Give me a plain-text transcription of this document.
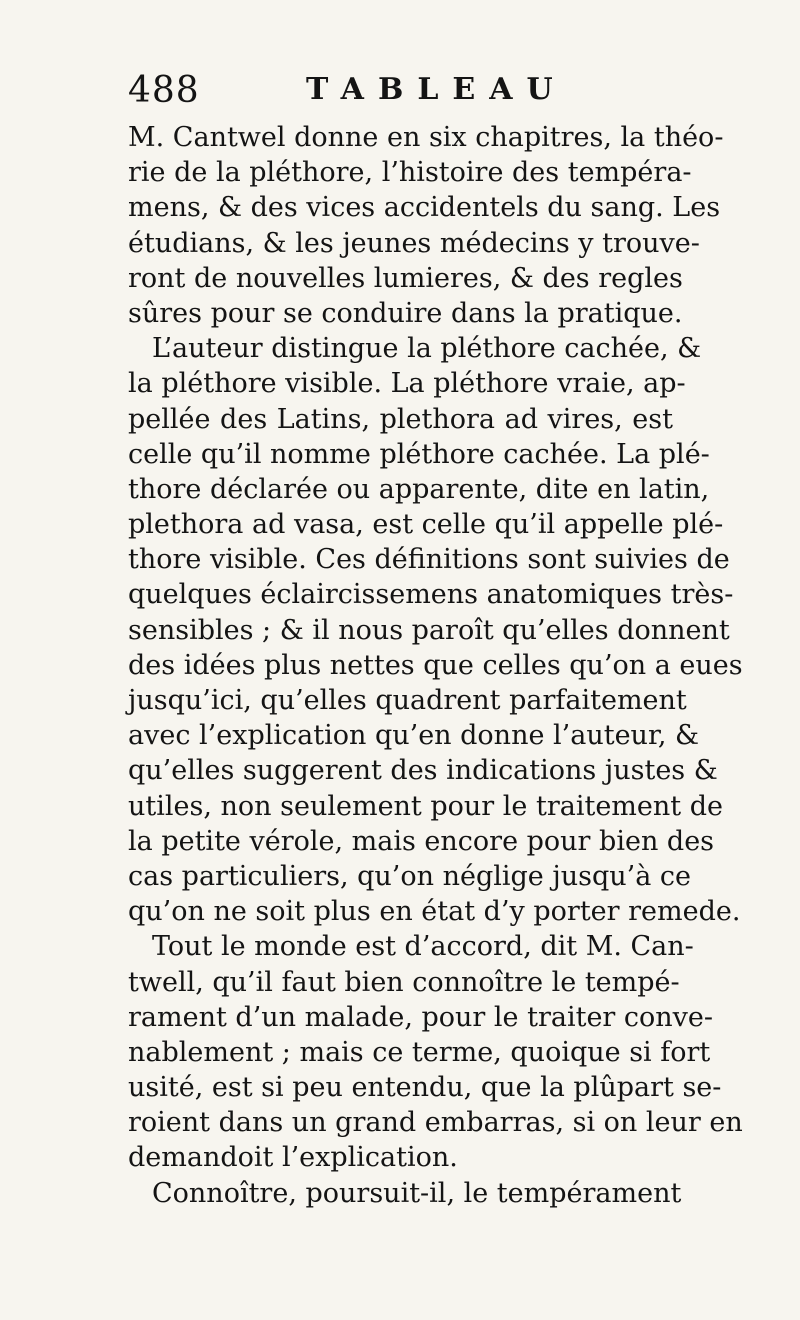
488	TABLEAU
M. Cantwel donne en six chapitres, la théo-
rie de la pléthore, l’histoire des tempéra-
mens, & des vices accidentels du sang. Les
étudians, & les jeunes médecins y trouve-
ront de nouvelles lumieres, & des regles
sûres pour se conduire dans la pratique.
L’auteur distingue la pléthore cachée, &
la pléthore visible. La pléthore vraie, ap-
pellée des Latins, plethora ad vires, est
celle qu’il nomme pléthore cachée. La plé-
thore déclarée ou apparente, dite en latin,
plethora ad vasa, est celle qu’il appelle plé-
thore visible. Ces définitions sont suivies de
quelques éclaircissemens anatomiques très-
sensibles ; & il nous paroît qu’elles donnent
des idées plus nettes que celles qu’on a eues
jusqu’ici, qu’elles quadrent parfaitement
avec l’explication qu’en donne l’auteur, &
qu’elles suggerent des indications justes &
utiles, non seulement pour le traitement de
la petite vérole, mais encore pour bien des
cas particuliers, qu’on néglige jusqu’à ce
qu’on ne soit plus en état d’y porter remede.
Tout le monde est d’accord, dit M. Can-
twell, qu’il faut bien connoître le tempé-
rament d’un malade, pour le traiter conve-
nablement ; mais ce terme, quoique si fort
usité, est si peu entendu, que la plûpart se-
roient dans un grand embarras, si on leur en
demandoit l’explication.
Connoître, poursuit-il, le tempérament
